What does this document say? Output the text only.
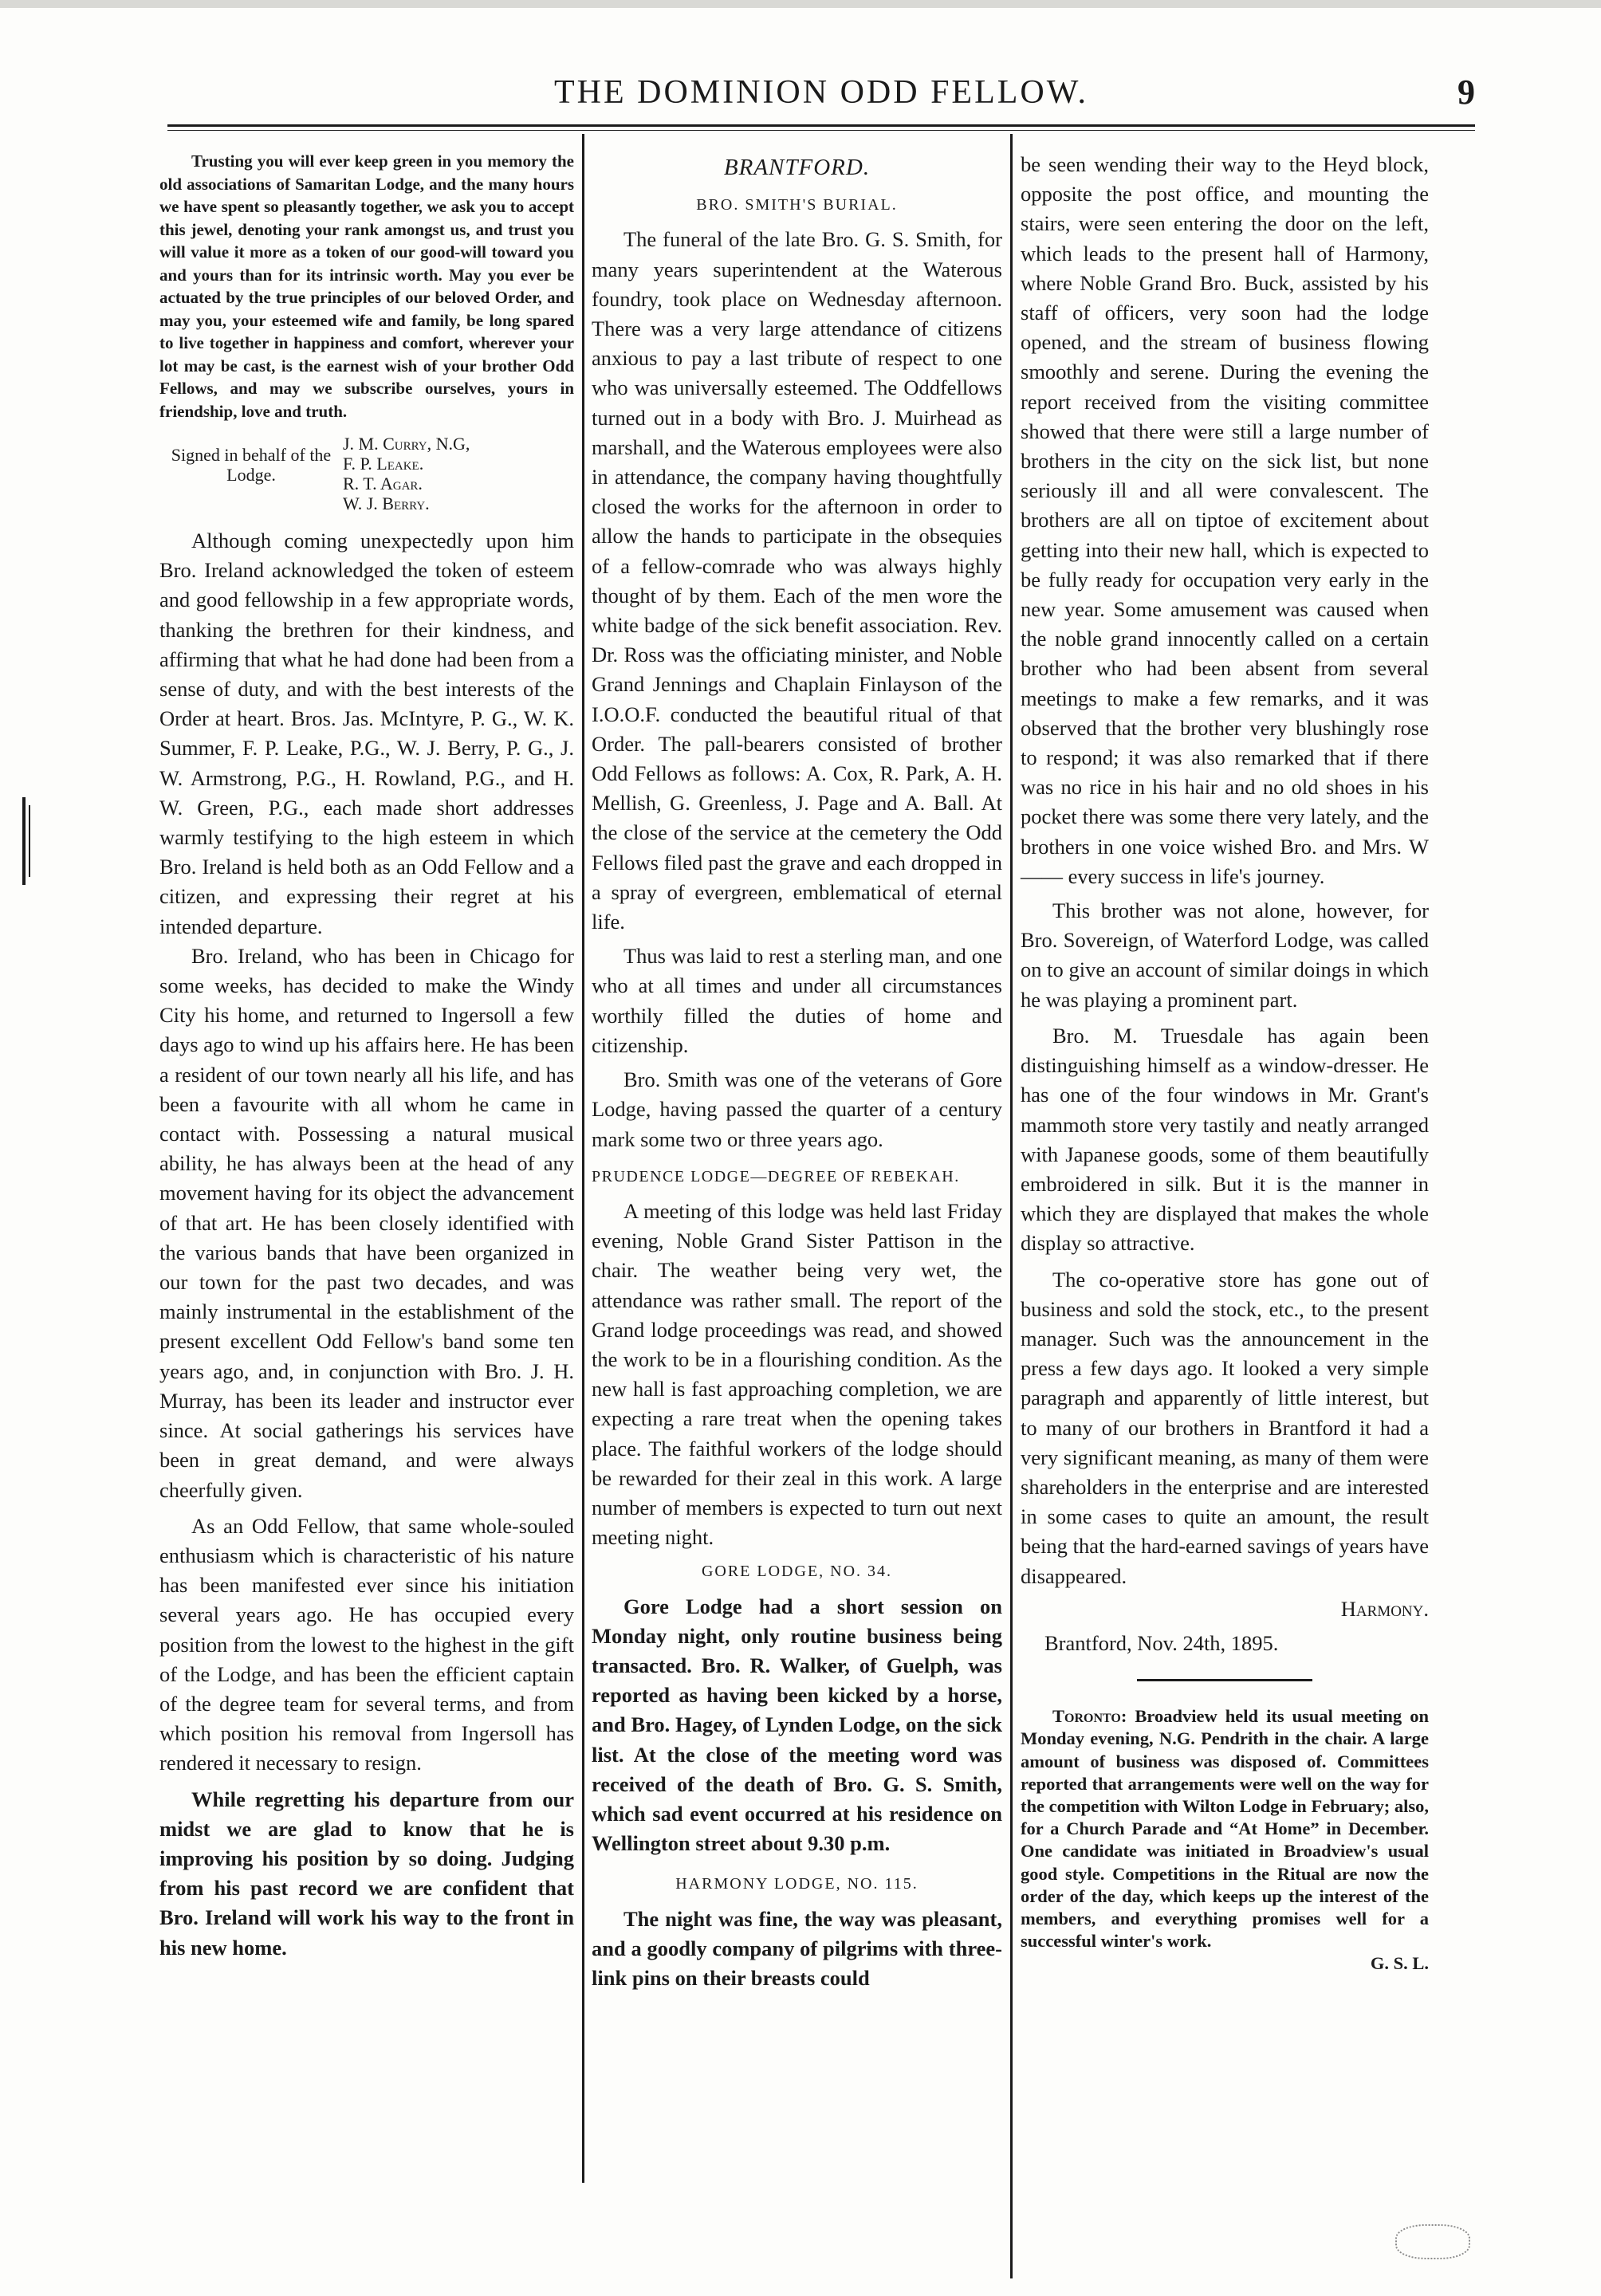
THE DOMINION ODD FELLOW.	9

Trusting you will ever keep green in you memory the old associations of Samaritan Lodge, and the many hours we have spent so pleasantly together, we ask you to accept this jewel, denoting your rank amongst us, and trust you will value it more as a token of our good-will toward you and yours than for its intrinsic worth. May you ever be actuated by the true principles of our beloved Order, and may you, your esteemed wife and family, be long spared to live together in happiness and comfort, wherever your lot may be cast, is the earnest wish of your brother Odd Fellows, and may we subscribe ourselves, yours in friendship, love and truth.

Signed in behalf of the Lodge.
J. M. Curry, N.G,
F. P. Leake.
R. T. Agar.
W. J. Berry.

Although coming unexpectedly upon him Bro. Ireland acknowledged the token of esteem and good fellowship in a few appropriate words, thanking the brethren for their kindness, and affirming that what he had done had been from a sense of duty, and with the best interests of the Order at heart. Bros. Jas. McIntyre, P. G., W. K. Summer, F. P. Leake, P.G., W. J. Berry, P. G., J. W. Armstrong, P.G., H. Rowland, P.G., and H. W. Green, P.G., each made short addresses warmly testifying to the high esteem in which Bro. Ireland is held both as an Odd Fellow and a citizen, and expressing their regret at his intended departure.

Bro. Ireland, who has been in Chicago for some weeks, has decided to make the Windy City his home, and returned to Ingersoll a few days ago to wind up his affairs here. He has been a resident of our town nearly all his life, and has been a favourite with all whom he came in contact with. Possessing a natural musical ability, he has always been at the head of any movement having for its object the advancement of that art. He has been closely identified with the various bands that have been organized in our town for the past two decades, and was mainly instrumental in the establishment of the present excellent Odd Fellow's band some ten years ago, and, in conjunction with Bro. J. H. Murray, has been its leader and instructor ever since. At social gatherings his services have been in great demand, and were always cheerfully given.

As an Odd Fellow, that same whole-souled enthusiasm which is characteristic of his nature has been manifested ever since his initiation several years ago. He has occupied every position from the lowest to the highest in the gift of the Lodge, and has been the efficient captain of the degree team for several terms, and from which position his removal from Ingersoll has rendered it necessary to resign.

While regretting his departure from our midst we are glad to know that he is improving his position by so doing. Judging from his past record we are confident that Bro. Ireland will work his way to the front in his new home.

BRANTFORD.
BRO. SMITH'S BURIAL.

The funeral of the late Bro. G. S. Smith, for many years superintendent at the Waterous foundry, took place on Wednesday afternoon. There was a very large attendance of citizens anxious to pay a last tribute of respect to one who was universally esteemed. The Oddfellows turned out in a body with Bro. J. Muirhead as marshall, and the Waterous employees were also in attendance, the company having thoughtfully closed the works for the afternoon in order to allow the hands to participate in the obsequies of a fellow-comrade who was always highly thought of by them. Each of the men wore the white badge of the sick benefit association. Rev. Dr. Ross was the officiating minister, and Noble Grand Jennings and Chaplain Finlayson of the I.O.O.F. conducted the beautiful ritual of that Order. The pall-bearers consisted of brother Odd Fellows as follows: A. Cox, R. Park, A. H. Mellish, G. Greenless, J. Page and A. Ball. At the close of the service at the cemetery the Odd Fellows filed past the grave and each dropped in a spray of evergreen, emblematical of eternal life.

Thus was laid to rest a sterling man, and one who at all times and under all circumstances worthily filled the duties of home and citizenship.

Bro. Smith was one of the veterans of Gore Lodge, having passed the quarter of a century mark some two or three years ago.

PRUDENCE LODGE—DEGREE OF REBEKAH.

A meeting of this lodge was held last Friday evening, Noble Grand Sister Pattison in the chair. The weather being very wet, the attendance was rather small. The report of the Grand lodge proceedings was read, and showed the work to be in a flourishing condition. As the new hall is fast approaching completion, we are expecting a rare treat when the opening takes place. The faithful workers of the lodge should be rewarded for their zeal in this work. A large number of members is expected to turn out next meeting night.

GORE LODGE, NO. 34.

Gore Lodge had a short session on Monday night, only routine business being transacted. Bro. R. Walker, of Guelph, was reported as having been kicked by a horse, and Bro. Hagey, of Lynden Lodge, on the sick list. At the close of the meeting word was received of the death of Bro. G. S. Smith, which sad event occurred at his residence on Wellington street about 9.30 p.m.

HARMONY LODGE, NO. 115.

The night was fine, the way was pleasant, and a goodly company of pilgrims with three-link pins on their breasts could

be seen wending their way to the Heyd block, opposite the post office, and mounting the stairs, were seen entering the door on the left, which leads to the present hall of Harmony, where Noble Grand Bro. Buck, assisted by his staff of officers, very soon had the lodge opened, and the stream of business flowing smoothly and serene. During the evening the report received from the visiting committee showed that there were still a large number of brothers in the city on the sick list, but none seriously ill and all were convalescent. The brothers are all on tiptoe of excitement about getting into their new hall, which is expected to be fully ready for occupation very early in the new year. Some amusement was caused when the noble grand innocently called on a certain brother who had been absent from several meetings to make a few remarks, and it was observed that the brother very blushingly rose to respond; it was also remarked that if there was no rice in his hair and no old shoes in his pocket there was some there very lately, and the brothers in one voice wished Bro. and Mrs. W—— every success in life's journey.

This brother was not alone, however, for Bro. Sovereign, of Waterford Lodge, was called on to give an account of similar doings in which he was playing a prominent part.

Bro. M. Truesdale has again been distinguishing himself as a window-dresser. He has one of the four windows in Mr. Grant's mammoth store very tastily and neatly arranged with Japanese goods, some of them beautifully embroidered in silk. But it is the manner in which they are displayed that makes the whole display so attractive.

The co-operative store has gone out of business and sold the stock, etc., to the present manager. Such was the announcement in the press a few days ago. It looked a very simple paragraph and apparently of little interest, but to many of our brothers in Brantford it had a very significant meaning, as many of them were shareholders in the enterprise and are interested in some cases to quite an amount, the result being that the hard-earned savings of years have disappeared.

Harmony.
Brantford, Nov. 24th, 1895.

Toronto: Broadview held its usual meeting on Monday evening, N.G. Pendrith in the chair. A large amount of business was disposed of. Committees reported that arrangements were well on the way for the competition with Wilton Lodge in February; also, for a Church Parade and “At Home” in December. One candidate was initiated in Broadview's usual good style. Competitions in the Ritual are now the order of the day, which keeps up the interest of the members, and everything promises well for a successful winter's work.

G. S. L.
